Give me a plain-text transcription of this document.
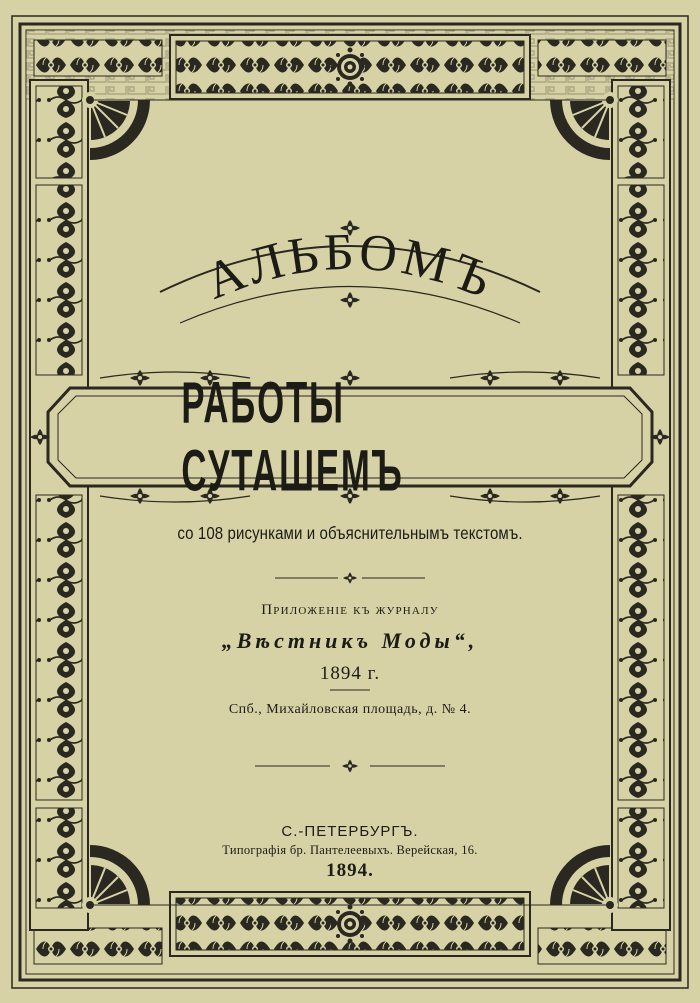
АЛЬБОМЪ
РАБОТЫ СУТАШЕМЪ
со 108 рисунками и объяснительнымъ текстомъ.
Приложенiе къ журналу
„Вѣстникъ Моды“,
1894 г.
Спб., Михайловская площадь, д. № 4.
С.-ПЕТЕРБУРГЪ.
Типографiя бр. Пантелеевыхъ. Верейская, 16.
1894.
